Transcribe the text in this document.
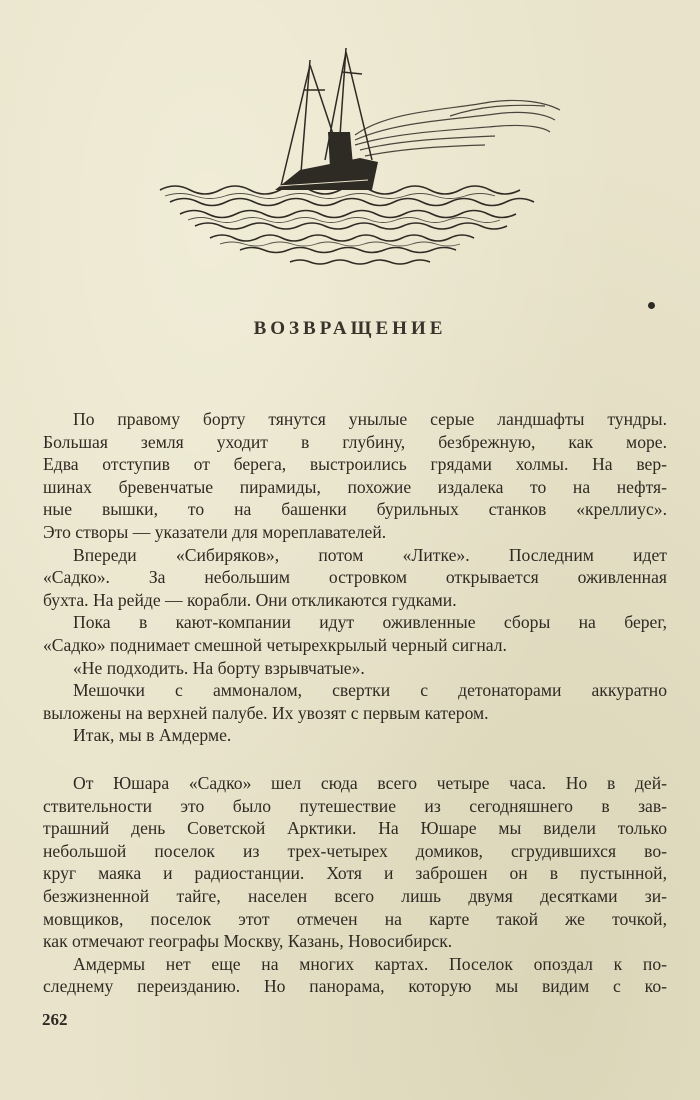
ВОЗВРАЩЕНИЕ
По правому борту тянутся унылые серые ландшафты тундры.
Большая земля уходит в глубину, безбрежную, как море.
Едва отступив от берега, выстроились грядами холмы. На вер-
шинах бревенчатые пирамиды, похожие издалека то на нефтя-
ные вышки, то на башенки бурильных станков «креллиус».
Это створы — указатели для мореплавателей.
Впереди «Сибиряков», потом «Литке». Последним идет
«Садко». За небольшим островком открывается оживленная
бухта. На рейде — корабли. Они откликаются гудками.
Пока в кают-компании идут оживленные сборы на берег,
«Садко» поднимает смешной четырехкрылый черный сигнал.
«Не подходить. На борту взрывчатые».
Мешочки с аммоналом, свертки с детонаторами аккуратно
выложены на верхней палубе. Их увозят с первым катером.
Итак, мы в Амдерме.
От Юшара «Садко» шел сюда всего четыре часа. Но в дей-
ствительности это было путешествие из сегодняшнего в зав-
трашний день Советской Арктики. На Юшаре мы видели только
небольшой поселок из трех-четырех домиков, сгрудившихся во-
круг маяка и радиостанции. Хотя и заброшен он в пустынной,
безжизненной тайге, населен всего лишь двумя десятками зи-
мовщиков, поселок этот отмечен на карте такой же точкой,
как отмечают географы Москву, Казань, Новосибирск.
Амдермы нет еще на многих картах. Поселок опоздал к по-
следнему переизданию. Но панорама, которую мы видим с ко-
262
